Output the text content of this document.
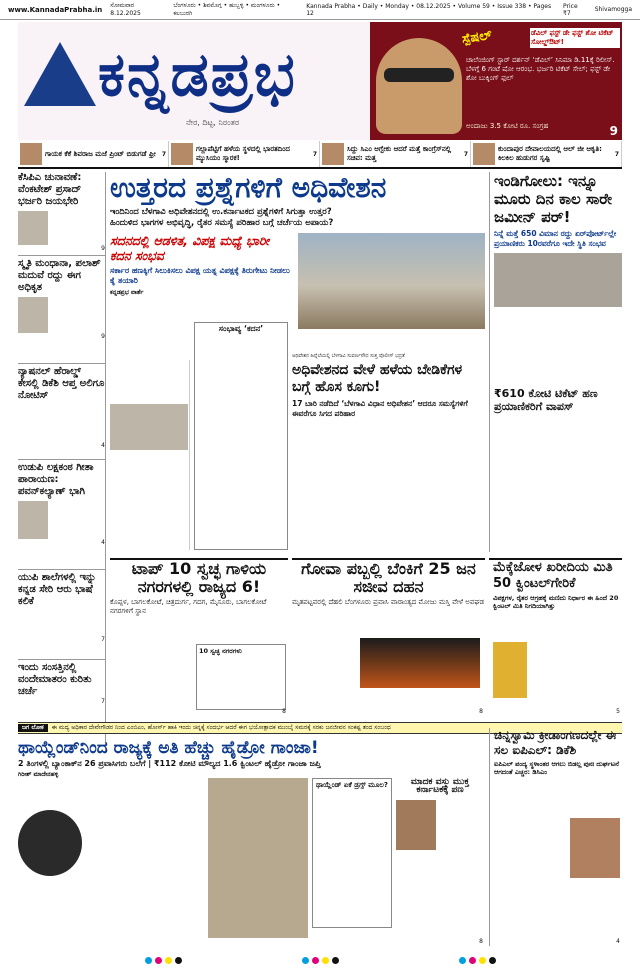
www.KannadaPrabha.in ಸೋಮವಾರ 8.12.2025
ಬೆಂಗಳೂರು • ಶಿವಮೊಗ್ಗ • ಹುಬ್ಬಳ್ಳಿ • ಮಂಗಳೂರು • ಕಲಬುರಗಿ
Kannada Prabha • Daily • Monday • 08.12.2025 • Volume 59 • Issue 338 • Pages 12
Price ₹7	Shivamogga
ಕನ್ನಡಪ್ರಭ
ನೇರ, ದಿಟ್ಟ, ನಿರಂತರ
ಸ್ಪೆಷಲ್	ಡೆವಿಲ್ ಫಸ್ಟ್ ಡೇ ಫಸ್ಟ್ ಶೋ ಟಿಕೆಟ್ ಸೋಲ್ಡ್‌ಔಟ್!
ಚಾಲೆಂಜಿಂಗ್ ಸ್ಟಾರ್ ದರ್ಶನ್ ‘ಡೆವಿಲ್’ ಸಿನಿಮಾ ಡಿ.11ಕ್ಕೆ ರಿಲೀಸ್. ಬೆಳಗ್ಗೆ 6 ಗಂಟೆ ಷೋ ಆರಂಭ. ಭರ್ಜರಿ ಟಿಕೆಟ್ ಸೇಲ್; ಫಸ್ಟ್ ಡೇ ಶೋ ಬುಕ್ಕಿಂಗ್ ಫುಲ್
ಅಂದಾಜು 3.5 ಕೋಟಿ ರೂ. ಸಂಗ್ರಹ	9
ಗಾಯಕ ಕೆಕೆ ಶಿವರಾಜ ಮಜೆ ಪ್ರಿಂಟ್ ಬಿಡುಗಡೆ ಫ್ರೀ 7
ಗಲ್ಲಾಪೆಟ್ಟಿಗೆ ಹಳೆಯ ಸ್ಥಳದಲ್ಲಿ ಭಾರತದಿಂದ ಮ್ಯುಸಿಯಂ ಸ್ಮಾರಕ!	7
ಸಿದ್ದು ಸಿಎಂ ಆಗ್ಬೇಕು ಆದರೆ ಮತ್ತೆ ಕಾಂಗ್ರೆಸ್‌ನಲ್ಲಿ ಸಚಿವ: ಮತ್ತ	7
ಕುಂದಾಪುರ ದೇವಾಲಯದಲ್ಲಿ ಆಲ್ ಜೀ ಆಕೃತಿ: ಕಿಲಕಿಲ ಹುಡುಗರ ಸೃಷ್ಟಿ	7
ಕೆಸಿಪಿಎ ಚುನಾವಣೆ: ವೆಂಕಟೇಶ್ ಪ್ರಸಾದ್ ಭರ್ಜರಿ ಜಯಭೇರಿ
9
ಸ್ಮೃತಿ ಮಂಧಾನಾ, ಪಲಾಶ್ ಮದುವೆ ರದ್ದು ಈಗ ಅಧಿಕೃತ
9
ನ್ಯಾಷನಲ್ ಹೆರಾಲ್ಡ್ ಕೇಸಲ್ಲಿ ಡಿಕೆಶಿ ಆಪ್ತ ಅಲಿಗೂ ನೋಟಿಸ್
4
ಉಡುಪಿ ಲಕ್ಷಕಂಠ ಗೀತಾ ಪಾರಾಯಣ: ಪವನ್‌ಕಲ್ಯಾಣ್ ಭಾಗಿ
4
ಯುಪಿ ಶಾಲೆಗಳಲ್ಲಿ ಇನ್ನು ಕನ್ನಡ ಸೇರಿ ಆರು ಭಾಷೆ ಕಲಿಕೆ
7
ಇಂದು ಸಂಸತ್ತಿನಲ್ಲಿ ವಂದೇಮಾತರಂ ಕುರಿತು ಚರ್ಚೆ
7
ಉತ್ತರದ ಪ್ರಶ್ನೆಗಳಿಗೆ ಅಧಿವೇಶನ
ಇಂದಿನಿಂದ ಬೆಳಗಾವಿ ಅಧಿವೇಶನದಲ್ಲಿ ಉ.ಕರ್ನಾಟಕದ ಪ್ರಶ್ನೆಗಳಿಗೆ ಸಿಗುತ್ತಾ ಉತ್ತರ?
ಹಿಂದುಳಿದ ಭಾಗಗಳ ಅಭಿವೃದ್ಧಿ, ರೈತರ ಸಮಸ್ಯೆ ಪರಿಹಾರ ಬಗ್ಗೆ ಚರ್ಚೆಯ ಅಪಾಯ?
ಸದನದಲ್ಲಿ ಆಡಳಿತ, ವಿಪಕ್ಷ ಮಧ್ಯೆ ಭಾರೀ ಕದನ ಸಂಭವ
ಸರ್ಕಾರ ಹಣಕ್ಕಿಗೆ ಸಿಲುಕಿಸಲು ವಿಪಕ್ಷ ಯತ್ನ ವಿಪಕ್ಷಕ್ಕೆ ತಿರುಗೇಟು ನೀಡಲು ಕೈ ತಯಾರಿ
ಕನ್ನಡಪ್ರಭ ವಾರ್ತೆ
ಸಂಭಾವ್ಯ ‘ಕದನ’
ಅಧಿವೇಶನ ಹಿನ್ನೆಲೆಯಲ್ಲಿ ಬೆಳಗಾವಿ ಸುವರ್ಣಸೌಧ ಸುತ್ತ ಪೊಲೀಸ್ ಭದ್ರತೆ
ಅಧಿವೇಶನದ ವೇಳೆ ಹಳೆಯ ಬೇಡಿಕೆಗಳ ಬಗ್ಗೆ ಹೊಸ ಕೂಗು!
17 ಬಾರಿ ನಡೆದಿದೆ ‘ಬೆಳಗಾವಿ ವಿಧಾನ ಅಧಿವೇಶನ’ ಆದರೂ ಸಮಸ್ಯೆಗಳಿಗೆ ಈವರೆಗೂ ಸಿಗದ ಪರಿಹಾರ
ಇಂಡಿಗೋಲು: ಇನ್ನೂ ಮೂರು ದಿನ ಕಾಲ ಸಾರೇ ಜಮೀನ್ ಪರ್!
ನಿನ್ನೆ ಮತ್ತೆ 650 ವಿಮಾನ ರದ್ದು ಏರ್‌ಪೋರ್ಟ್‌ಲ್ಲೇ ಪ್ರಯಾಣಿಕರು 10ರವರೆಗೂ ಇದೇ ಸ್ಥಿತಿ ಸಂಭವ
₹610 ಕೋಟಿ ಟಿಕೆಟ್ ಹಣ ಪ್ರಯಾಣಿಕರಿಗೆ ವಾಪಸ್
ಟಾಪ್ 10 ಸ್ವಚ್ಛ ಗಾಳಿಯ ನಗರಗಳಲ್ಲಿ ರಾಜ್ಯದ 6!
ಕೊಪ್ಪಳ, ಬಾಗಲಕೋಟೆ, ಚಿತ್ರದುರ್ಗ, ಗದಗ, ಮೈಸೂರು, ಬಾಗಲಕೋಟೆ ನಗರಗಳಿಗೆ ಸ್ಥಾನ
10 ಸ್ವಚ್ಛ ನಗರಗಳು
8
ಗೋವಾ ಪಬ್ಬಲ್ಲಿ ಬೆಂಕಿಗೆ 25 ಜನ ಸಜೀವ ದಹನ
ಮೃತಪಟ್ಟವರಲ್ಲಿ ದೆಹಲಿ ಬೆಂಗಳೂರು ಪ್ರವಾಸಿ ವಾರಾಂತ್ಯದ ಮೋಜು ಮಸ್ತಿ ವೇಳೆ ಅವಘಡ
8
ಮೆಕ್ಕೆಜೋಳ ಖರೀದಿಯ ಮಿತಿ 50 ಕ್ವಿಂಟಲ್‌ಗೇರಿಕೆ
ವಿಪಕ್ಷಗಳ, ರೈತರ ಆಗ್ರಹಕ್ಕೆ ಮಣಿದು ನಿರ್ಧಾರ ಈ ಹಿಂದೆ 20 ಕ್ವಿಂಟಲ್ ಮಿತಿ ನಿಗದಿಯಾಗಿತ್ತು
5
ಜಗ ಲೋಕ	ಈ ಮದ್ಯ ಅಧಿಕಾರ ದೇವೇಗೌಡರ ನಿಂದ ಎಂಬಿಎಂ, ಹೋರ್ಸ್ ಹಾಕಿ ಇಂದು ಚಿನ್ನಕ್ಕೆ ಸಂದರ್ಭ ಆದರೆ ಈಗ ಭಯೋತ್ಪಾದಕ ಮುಂಬೈ ಸಮರಕ್ಕೆ ಸರಕು ಜನಜೀವನ ಸಂಕಷ್ಟ ತಂದ ಸಂಬಂಧ
ಥಾಯ್ಲೆಂಡ್‌ನಿಂದ ರಾಜ್ಯಕ್ಕೆ ಅತಿ ಹೆಚ್ಚು ಹೈಡ್ರೋ ಗಾಂಜಾ!
2 ತಿಂಗಳಲ್ಲಿ ಬ್ಯಾಂಕಾಕ್‌ನ 26 ಪ್ರವಾಸಿಗರು ಬಲೆಗೆ | ₹112 ಕೋಟಿ ಮೌಲ್ಯದ 1.6 ಕ್ವಿಂಟಲ್ ಹೈಡ್ರೋ ಗಾಂಜಾ ಜಪ್ತಿ
ಗಿರೀಶ್ ಮಾದೇನಹಳ್ಳಿ
ಥಾಯ್ಲೆಂಡ್ ಏಕೆ ಡ್ರಗ್ಸ್ ಮೂಲ?	ಮಾದಕ ವಸ್ತು ಮುಕ್ತ ಕರ್ನಾಟಕಕ್ಕೆ ಪಣ
8
ಚಿನ್ನಸ್ವಾಮಿ ಕ್ರೀಡಾಂಗಣದಲ್ಲೇ ಈ ಸಲ ಐಪಿಎಲ್: ಡಿಕೆಶಿ
ಐಪಿಎಲ್ ಪಂದ್ಯ ಸ್ಥಳಾಂತರ ಆಗಲು ಬಿಡಲ್ಲ ಪುನಃ ದುರ್ಘಟನೆ ಆಗದಂತೆ ಎಚ್ಚರ: ಡಿಸಿಎಂ
4
